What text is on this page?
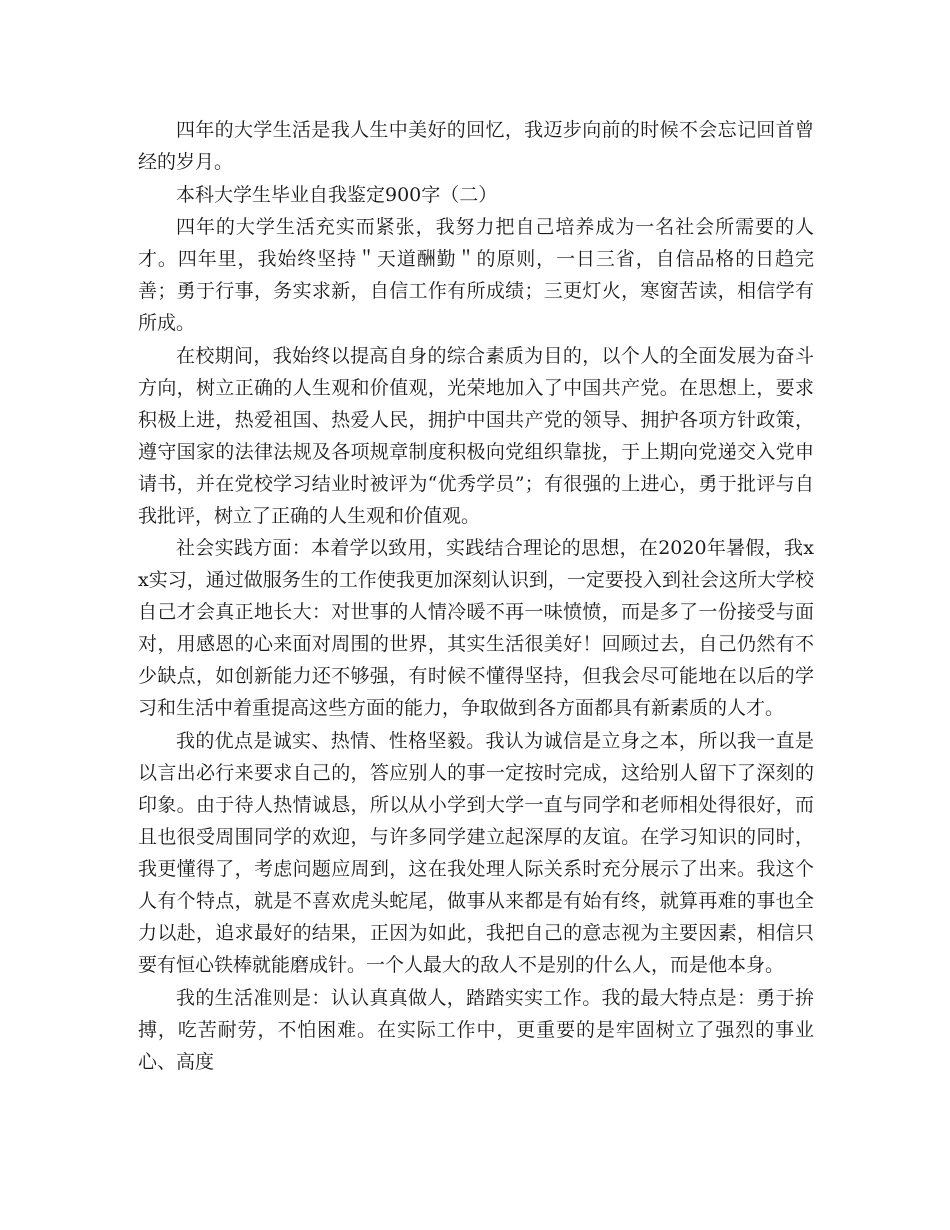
四年的大学生活是我人生中美好的回忆，我迈步向前的时候不会忘记回首曾经的岁月。

本科大学生毕业自我鉴定900字（二）

四年的大学生活充实而紧张，我努力把自己培养成为一名社会所需要的人才。四年里，我始终坚持＂天道酬勤＂的原则，一日三省，自信品格的日趋完善；勇于行事，务实求新，自信工作有所成绩；三更灯火，寒窗苦读，相信学有所成。

在校期间，我始终以提高自身的综合素质为目的，以个人的全面发展为奋斗方向，树立正确的人生观和价值观，光荣地加入了中国共产党。在思想上，要求积极上进，热爱祖国、热爱人民，拥护中国共产党的领导、拥护各项方针政策，遵守国家的法律法规及各项规章制度积极向党组织靠拢，于上期向党递交入党申请书，并在党校学习结业时被评为“优秀学员”；有很强的上进心，勇于批评与自我批评，树立了正确的人生观和价值观。

社会实践方面：本着学以致用，实践结合理论的思想，在2020年暑假，我xx实习，通过做服务生的工作使我更加深刻认识到，一定要投入到社会这所大学校自己才会真正地长大：对世事的人情冷暖不再一味愤愤，而是多了一份接受与面对，用感恩的心来面对周围的世界，其实生活很美好！回顾过去，自己仍然有不少缺点，如创新能力还不够强，有时候不懂得坚持，但我会尽可能地在以后的学习和生活中着重提高这些方面的能力，争取做到各方面都具有新素质的人才。

我的优点是诚实、热情、性格坚毅。我认为诚信是立身之本，所以我一直是以言出必行来要求自己的，答应别人的事一定按时完成，这给别人留下了深刻的印象。由于待人热情诚恳，所以从小学到大学一直与同学和老师相处得很好，而且也很受周围同学的欢迎，与许多同学建立起深厚的友谊。在学习知识的同时，我更懂得了，考虑问题应周到，这在我处理人际关系时充分展示了出来。我这个人有个特点，就是不喜欢虎头蛇尾，做事从来都是有始有终，就算再难的事也全力以赴，追求最好的结果，正因为如此，我把自己的意志视为主要因素，相信只要有恒心铁棒就能磨成针。一个人最大的敌人不是别的什么人，而是他本身。

我的生活准则是：认认真真做人，踏踏实实工作。我的最大特点是：勇于拚搏，吃苦耐劳，不怕困难。在实际工作中，更重要的是牢固树立了强烈的事业心、高度
